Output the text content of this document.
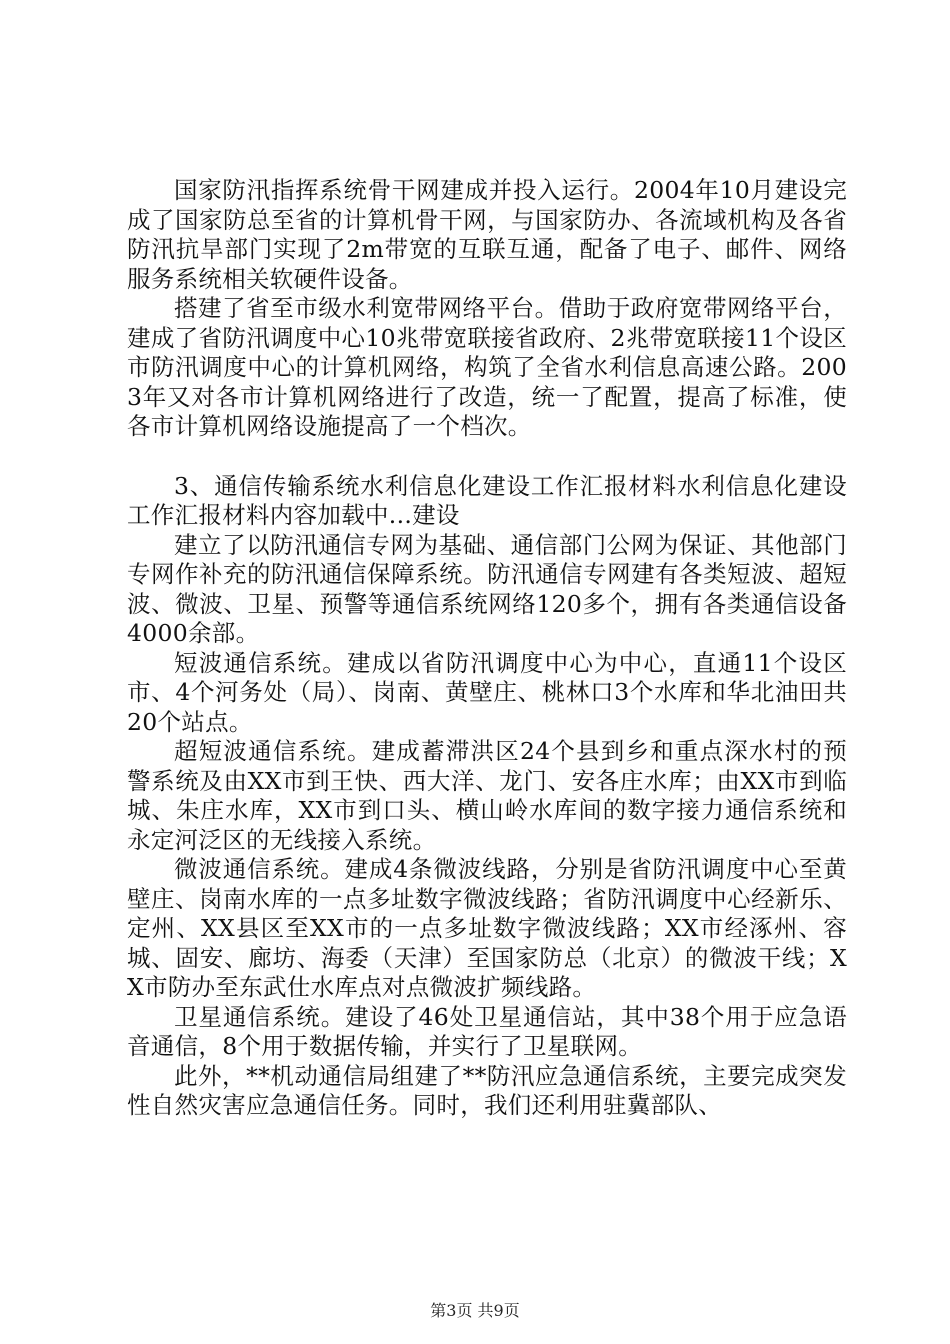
国家防汛指挥系统骨干网建成并投入运行。2004年10月建设完成了国家防总至省的计算机骨干网，与国家防办、各流域机构及各省防汛抗旱部门实现了2m带宽的互联互通，配备了电子、邮件、网络服务系统相关软硬件设备。

搭建了省至市级水利宽带网络平台。借助于政府宽带网络平台，建成了省防汛调度中心10兆带宽联接省政府、2兆带宽联接11个设区市防汛调度中心的计算机网络，构筑了全省水利信息高速公路。2003年又对各市计算机网络进行了改造，统一了配置，提高了标准，使各市计算机网络设施提高了一个档次。

3、通信传输系统水利信息化建设工作汇报材料水利信息化建设工作汇报材料内容加载中...建设

建立了以防汛通信专网为基础、通信部门公网为保证、其他部门专网作补充的防汛通信保障系统。防汛通信专网建有各类短波、超短波、微波、卫星、预警等通信系统网络120多个，拥有各类通信设备4000余部。

短波通信系统。建成以省防汛调度中心为中心，直通11个设区市、4个河务处（局）、岗南、黄壁庄、桃林口3个水库和华北油田共20个站点。

超短波通信系统。建成蓄滞洪区24个县到乡和重点深水村的预警系统及由XX市到王快、西大洋、龙门、安各庄水库；由XX市到临城、朱庄水库，XX市到口头、横山岭水库间的数字接力通信系统和永定河泛区的无线接入系统。

微波通信系统。建成4条微波线路，分别是省防汛调度中心至黄壁庄、岗南水库的一点多址数字微波线路；省防汛调度中心经新乐、定州、XX县区至XX市的一点多址数字微波线路；XX市经涿州、容城、固安、廊坊、海委（天津）至国家防总（北京）的微波干线；XX市防办至东武仕水库点对点微波扩频线路。

卫星通信系统。建设了46处卫星通信站，其中38个用于应急语音通信，8个用于数据传输，并实行了卫星联网。

此外，**机动通信局组建了**防汛应急通信系统，主要完成突发性自然灾害应急通信任务。同时，我们还利用驻冀部队、

第3页 共9页
